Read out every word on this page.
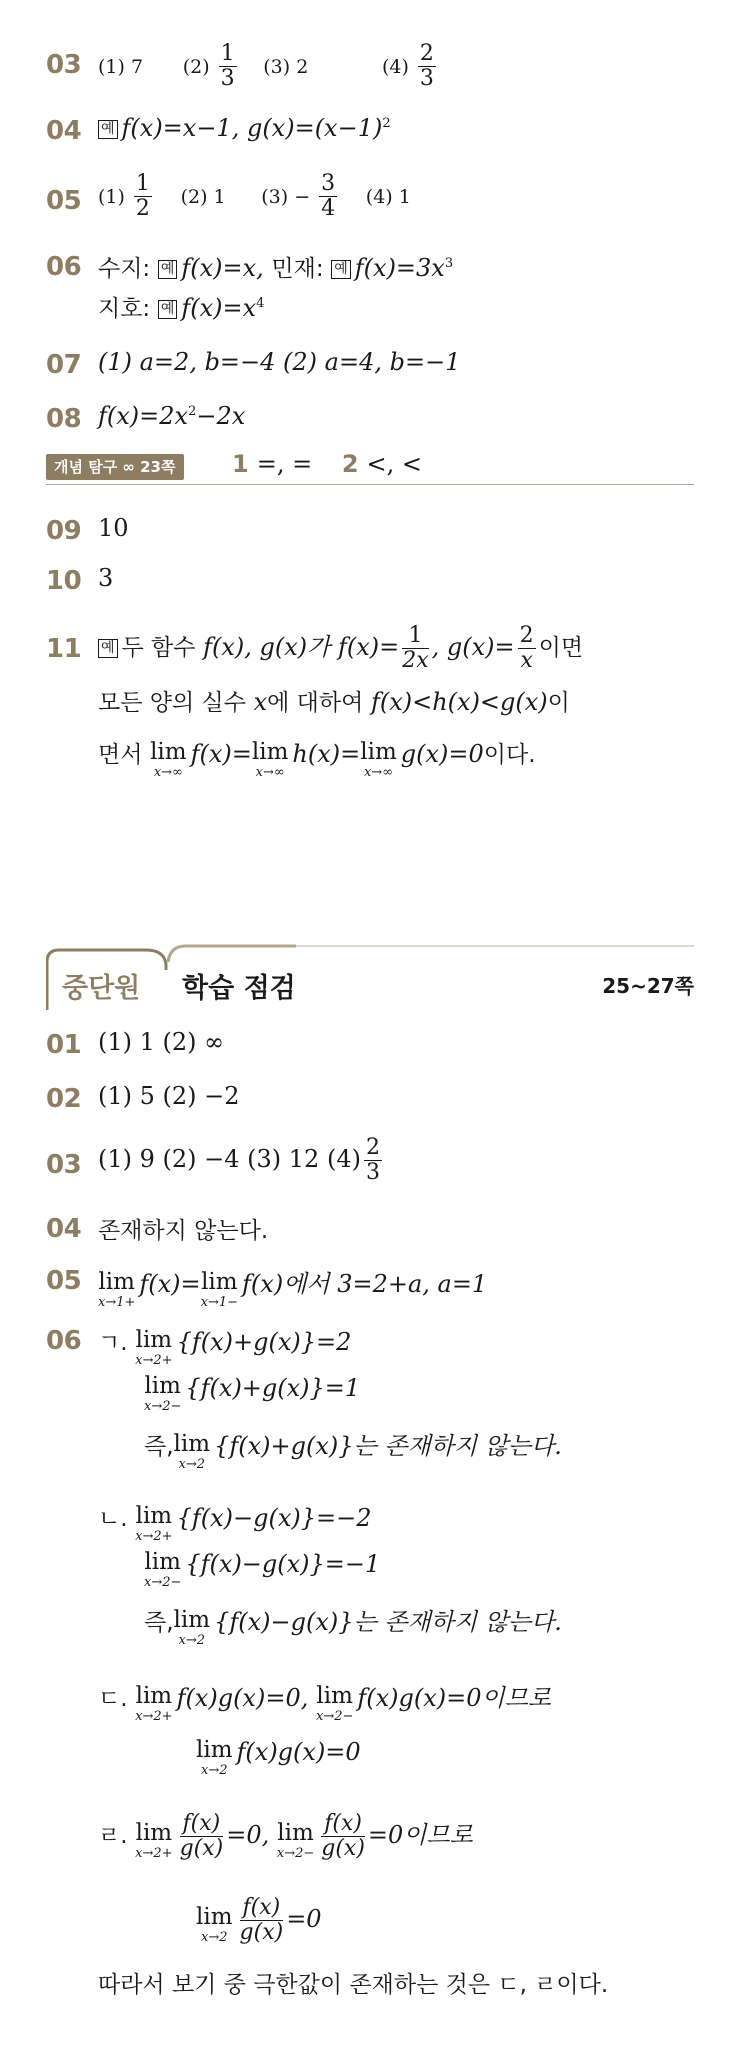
03 (1) 7 $(2) \frac{1}{3} (3)$ 2	$(4) \frac{2}{3}$
04 예 f(x)=x−1, $g(x)=(x-1)^2$
05 $(1) \frac{1}{2} (2)$ 1 $(3) - \frac{3}{4} (4)$ 1
06 수지: 예 f(x)=x, 민재: 예 $f(x)=3x^3$
지호: 예 $f(x)=x^4$
07 (1) a=2, b=−4 (2) a=4, b=−1
08 $f(x)=2x^2-2x$
개념 탐구 ∞ 23쪽	1 =, = 2 <, <
09 10
10 3
11 예 두 함수 f(x), g(x)가 $f(x)= \frac{1}{2x}$ , $g(x)= \frac{2}{x}$ 이면
모든 양의 실수 x에 대하여 f(x)<h(x)<g(x)이
면서 lim
x→∞
f(x)= lim
x→∞
h(x)= lim
x→∞
g(x)=0이다.
중단원 학습 점검	25~27쪽
01 (1) 1 (2) ∞
02 (1) 5 (2) −2
03 (1) 9 (2) −4 (3) 12 $(4) \frac{2}{3}$
04 존재하지 않는다.
05 lim
x→1+
f(x)= lim
x→1−
f(x)에서 3=2+a, a=1
06 ㄱ. lim
x→2+
{f(x)+g(x)}=2
lim
x→2−
{f(x)+g(x)}=1
즉, lim
x→2
{f(x)+g(x)}는 존재하지 않는다.
ㄴ. lim
x→2+
{f(x)−g(x)}=−2
lim
x→2−
{f(x)−g(x)}=−1
즉, lim
x→2
{f(x)−g(x)}는 존재하지 않는다.
ㄷ. lim
x→2+
f(x)g(x)=0, lim
x→2−
f(x)g(x)=0이므로
lim
x→2
f(x)g(x)=0
ㄹ. lim
$x\to 2+ \frac{f(x)}{g(x)} =0$, lim
$x\to 2- \frac{f(x)}{g(x)} =0$이므로
lim
$x\to 2 \frac{f(x)}{g(x)} =0$
따라서 보기 중 극한값이 존재하는 것은 ㄷ, ㄹ이다.
